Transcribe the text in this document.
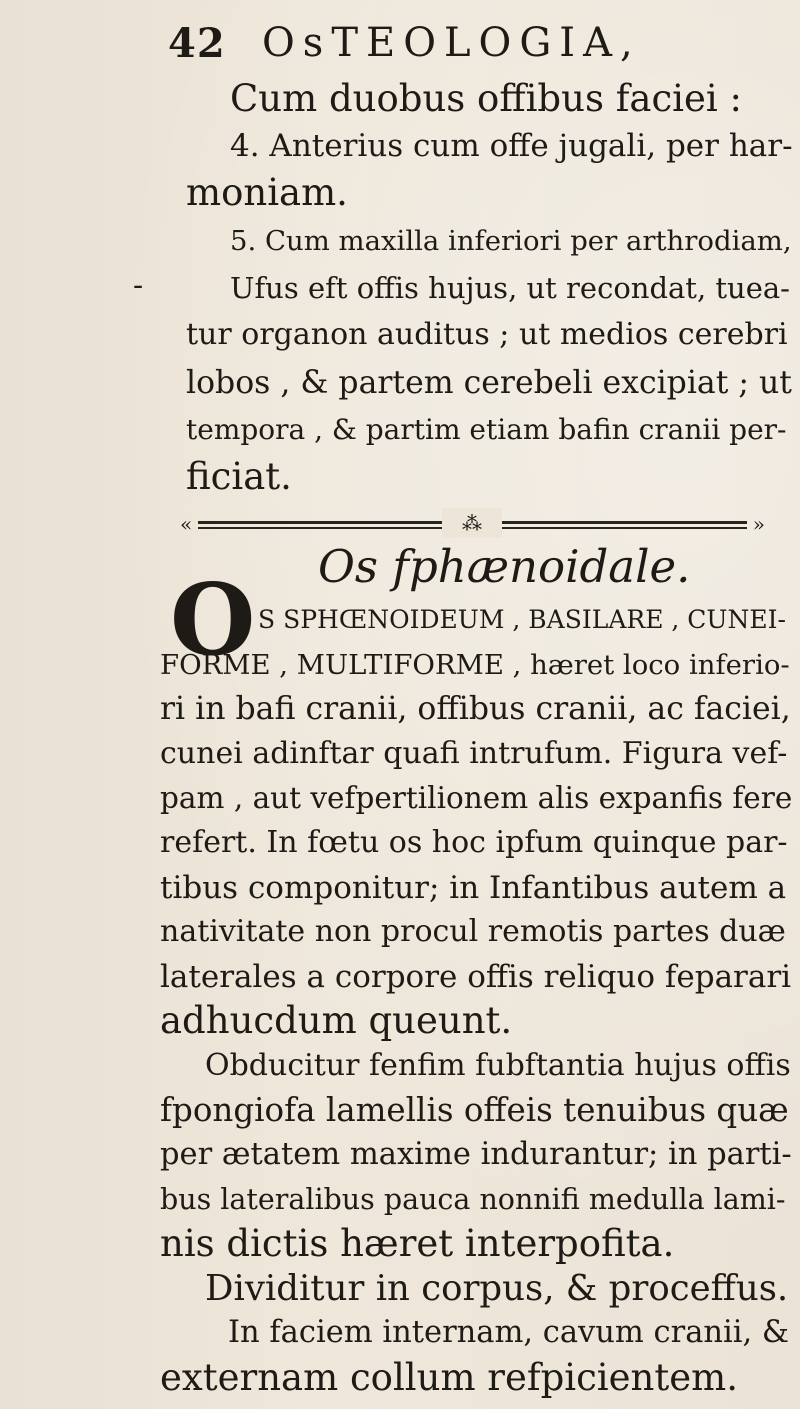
42 OsTEOLOGIA,
-
Cum duobus offibus faciei :
4. Anterius cum offe jugali, per har-
moniam.
5. Cum maxilla inferiori per arthrodiam,
Ufus eft offis hujus, ut recondat, tuea-
tur organon auditus ; ut medios cerebri
lobos , & partem cerebeli excipiat ; ut
tempora , & partim etiam bafin cranii per-
ficiat.
«	⁂	»
Os fphænoidale.
O S SPHŒNOIDEUM , BASILARE , CUNEI-
FORME , MULTIFORME , hæret loco inferio-
ri in bafi cranii, offibus cranii, ac faciei,
cunei adinftar quafi intrufum. Figura vef-
pam , aut vefpertilionem alis expanfis fere
refert. In fœtu os hoc ipfum quinque par-
tibus componitur; in Infantibus autem a
nativitate non procul remotis partes duæ
laterales a corpore offis reliquo feparari
adhucdum queunt.
Obducitur fenfim fubftantia hujus offis
fpongiofa lamellis offeis tenuibus quæ
per ætatem maxime indurantur; in parti-
bus lateralibus pauca nonnifi medulla lami-
nis dictis hæret interpofita.
Dividitur in corpus, & proceffus.
In faciem internam, cavum cranii, &
externam collum refpicientem.
